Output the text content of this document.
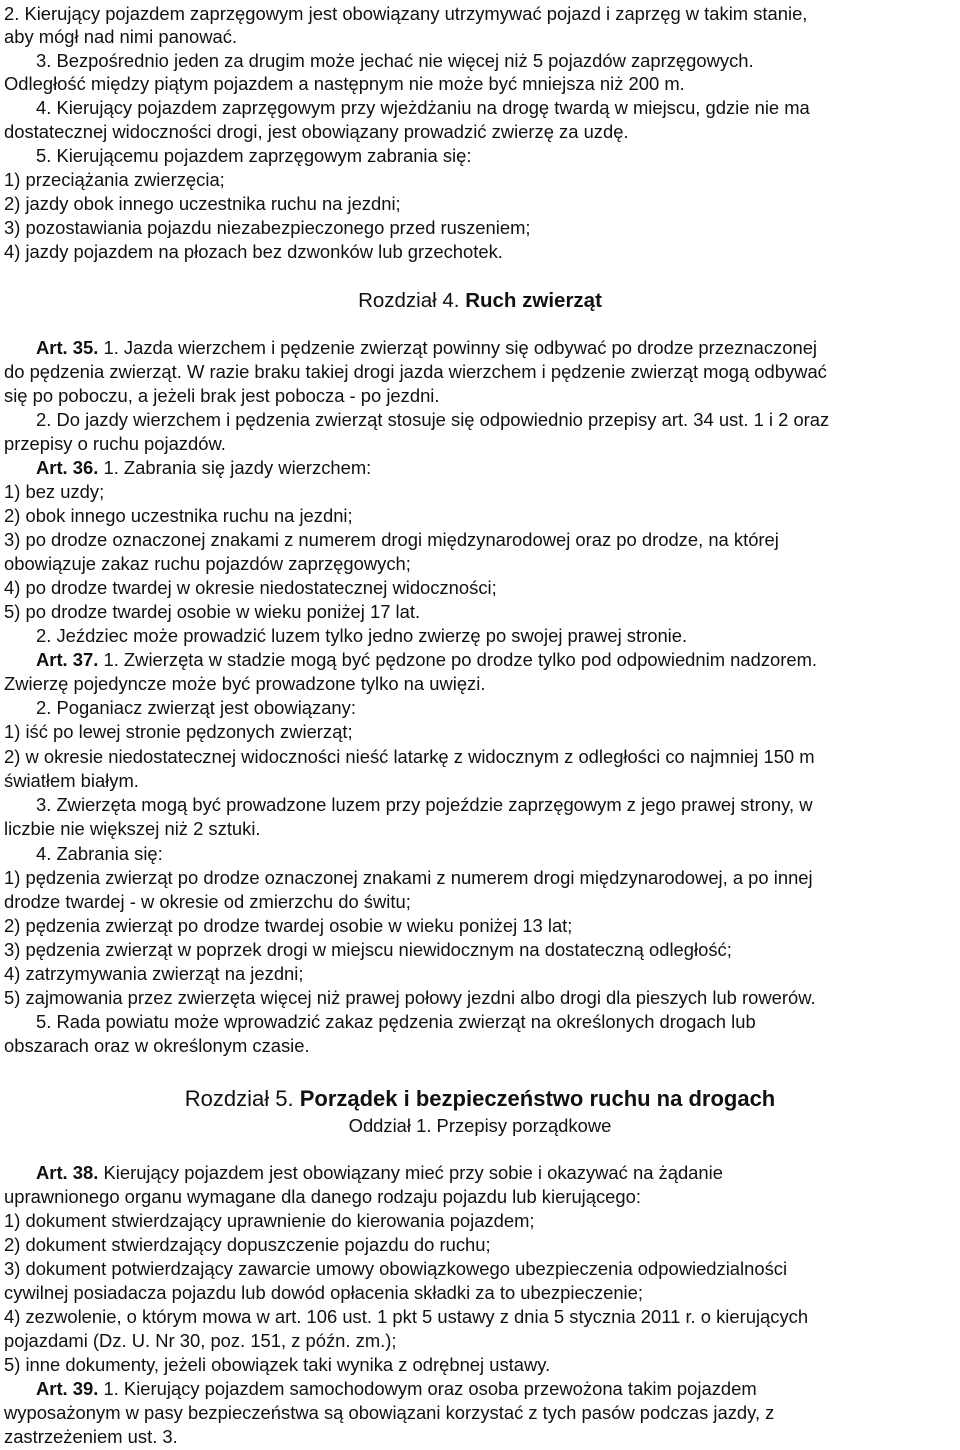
2. Kierujący pojazdem zaprzęgowym jest obowiązany utrzymywać pojazd i zaprzęg w takim stanie,
aby mógł nad nimi panować.
3. Bezpośrednio jeden za drugim może jechać nie więcej niż 5 pojazdów zaprzęgowych.
Odległość między piątym pojazdem a następnym nie może być mniejsza niż 200 m.
4. Kierujący pojazdem zaprzęgowym przy wjeżdżaniu na drogę twardą w miejscu, gdzie nie ma
dostatecznej widoczności drogi, jest obowiązany prowadzić zwierzę za uzdę.
5. Kierującemu pojazdem zaprzęgowym zabrania się:
1) przeciążania zwierzęcia;
2) jazdy obok innego uczestnika ruchu na jezdni;
3) pozostawiania pojazdu niezabezpieczonego przed ruszeniem;
4) jazdy pojazdem na płozach bez dzwonków lub grzechotek.
Rozdział 4. Ruch zwierząt
Art. 35. 1. Jazda wierzchem i pędzenie zwierząt powinny się odbywać po drodze przeznaczonej
do pędzenia zwierząt. W razie braku takiej drogi jazda wierzchem i pędzenie zwierząt mogą odbywać
się po poboczu, a jeżeli brak jest pobocza - po jezdni.
2. Do jazdy wierzchem i pędzenia zwierząt stosuje się odpowiednio przepisy art. 34 ust. 1 i 2 oraz
przepisy o ruchu pojazdów.
Art. 36. 1. Zabrania się jazdy wierzchem:
1) bez uzdy;
2) obok innego uczestnika ruchu na jezdni;
3) po drodze oznaczonej znakami z numerem drogi międzynarodowej oraz po drodze, na której
obowiązuje zakaz ruchu pojazdów zaprzęgowych;
4) po drodze twardej w okresie niedostatecznej widoczności;
5) po drodze twardej osobie w wieku poniżej 17 lat.
2. Jeździec może prowadzić luzem tylko jedno zwierzę po swojej prawej stronie.
Art. 37. 1. Zwierzęta w stadzie mogą być pędzone po drodze tylko pod odpowiednim nadzorem.
Zwierzę pojedyncze może być prowadzone tylko na uwięzi.
2. Poganiacz zwierząt jest obowiązany:
1) iść po lewej stronie pędzonych zwierząt;
2) w okresie niedostatecznej widoczności nieść latarkę z widocznym z odległości co najmniej 150 m
światłem białym.
3. Zwierzęta mogą być prowadzone luzem przy pojeździe zaprzęgowym z jego prawej strony, w
liczbie nie większej niż 2 sztuki.
4. Zabrania się:
1) pędzenia zwierząt po drodze oznaczonej znakami z numerem drogi międzynarodowej, a po innej
drodze twardej - w okresie od zmierzchu do świtu;
2) pędzenia zwierząt po drodze twardej osobie w wieku poniżej 13 lat;
3) pędzenia zwierząt w poprzek drogi w miejscu niewidocznym na dostateczną odległość;
4) zatrzymywania zwierząt na jezdni;
5) zajmowania przez zwierzęta więcej niż prawej połowy jezdni albo drogi dla pieszych lub rowerów.
5. Rada powiatu może wprowadzić zakaz pędzenia zwierząt na określonych drogach lub
obszarach oraz w określonym czasie.
Rozdział 5. Porządek i bezpieczeństwo ruchu na drogach
Oddział 1. Przepisy porządkowe
Art. 38. Kierujący pojazdem jest obowiązany mieć przy sobie i okazywać na żądanie
uprawnionego organu wymagane dla danego rodzaju pojazdu lub kierującego:
1) dokument stwierdzający uprawnienie do kierowania pojazdem;
2) dokument stwierdzający dopuszczenie pojazdu do ruchu;
3) dokument potwierdzający zawarcie umowy obowiązkowego ubezpieczenia odpowiedzialności
cywilnej posiadacza pojazdu lub dowód opłacenia składki za to ubezpieczenie;
4) zezwolenie, o którym mowa w art. 106 ust. 1 pkt 5 ustawy z dnia 5 stycznia 2011 r. o kierujących
pojazdami (Dz. U. Nr 30, poz. 151, z późn. zm.);
5) inne dokumenty, jeżeli obowiązek taki wynika z odrębnej ustawy.
Art. 39. 1. Kierujący pojazdem samochodowym oraz osoba przewożona takim pojazdem
wyposażonym w pasy bezpieczeństwa są obowiązani korzystać z tych pasów podczas jazdy, z
zastrzeżeniem ust. 3.
